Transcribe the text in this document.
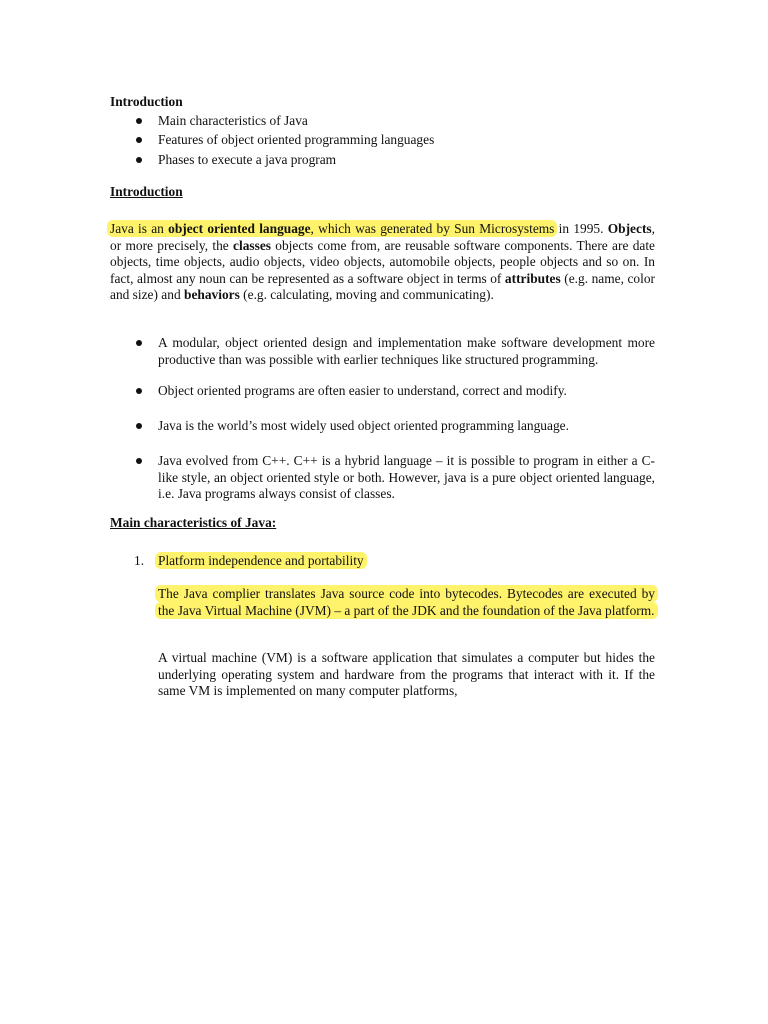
Introduction
Main characteristics of Java
Features of object oriented programming languages
Phases to execute a java program
Introduction
Java is an object oriented language, which was generated by Sun Microsystems in 1995. Objects, or more precisely, the classes objects come from, are reusable software components. There are date objects, time objects, audio objects, video objects, automobile objects, people objects and so on. In fact, almost any noun can be represented as a software object in terms of attributes (e.g. name, color and size) and behaviors (e.g. calculating, moving and communicating).
A modular, object oriented design and implementation make software development more productive than was possible with earlier techniques like structured programming.
Object oriented programs are often easier to understand, correct and modify.
Java is the world’s most widely used object oriented programming language.
Java evolved from C++. C++ is a hybrid language – it is possible to program in either a C-like style, an object oriented style or both. However, java is a pure object oriented language, i.e. Java programs always consist of classes.
Main characteristics of Java:
1. Platform independence and portability
The Java complier translates Java source code into bytecodes. Bytecodes are executed by the Java Virtual Machine (JVM) – a part of the JDK and the foundation of the Java platform.
A virtual machine (VM) is a software application that simulates a computer but hides the underlying operating system and hardware from the programs that interact with it. If the same VM is implemented on many computer platforms,
